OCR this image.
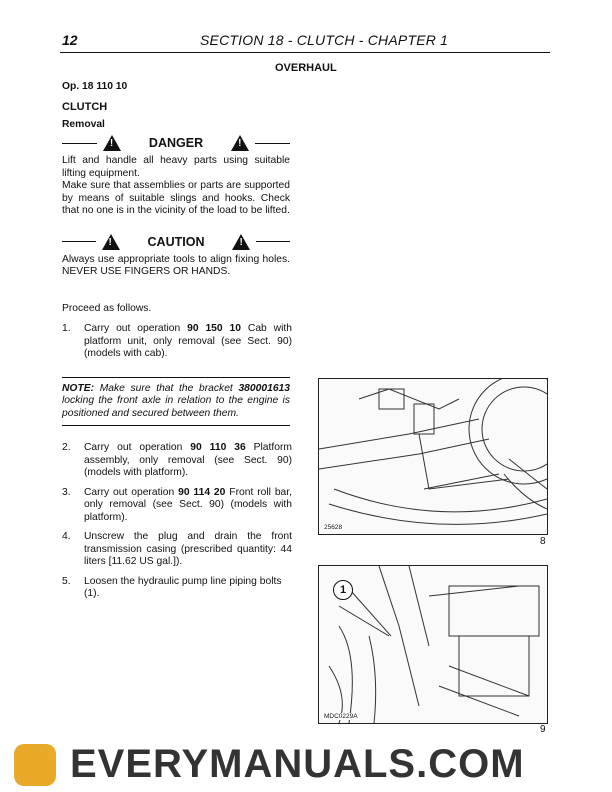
12	SECTION 18 - CLUTCH - CHAPTER 1
OVERHAUL
Op. 18 110 10
CLUTCH
Removal
!	DANGER	!
Lift and handle all heavy parts using suitable lifting equipment.
Make sure that assemblies or parts are supported by means of suitable slings and hooks. Check that no one is in the vicinity of the load to be lifted.
!	CAUTION	!
Always use appropriate tools to align fixing holes. NEVER USE FINGERS OR HANDS.
Proceed as follows.
1.	Carry out operation 90 150 10 Cab with platform unit, only removal (see Sect. 90) (models with cab).
NOTE: Make sure that the bracket 380001613 locking the front axle in relation to the engine is positioned and secured between them.
2.	Carry out operation 90 110 36 Platform assembly, only removal (see Sect. 90) (models with platform).
3.	Carry out operation 90 114 20 Front roll bar, only removal (see Sect. 90) (models with platform).
4.	Unscrew the plug and drain the front transmission casing (prescribed quantity: 44 liters [11.62 US gal.]).
5.	Loosen the hydraulic pump line piping bolts (1).
25628
8
1
MDC0229A
9
EVERYMANUALS.COM
